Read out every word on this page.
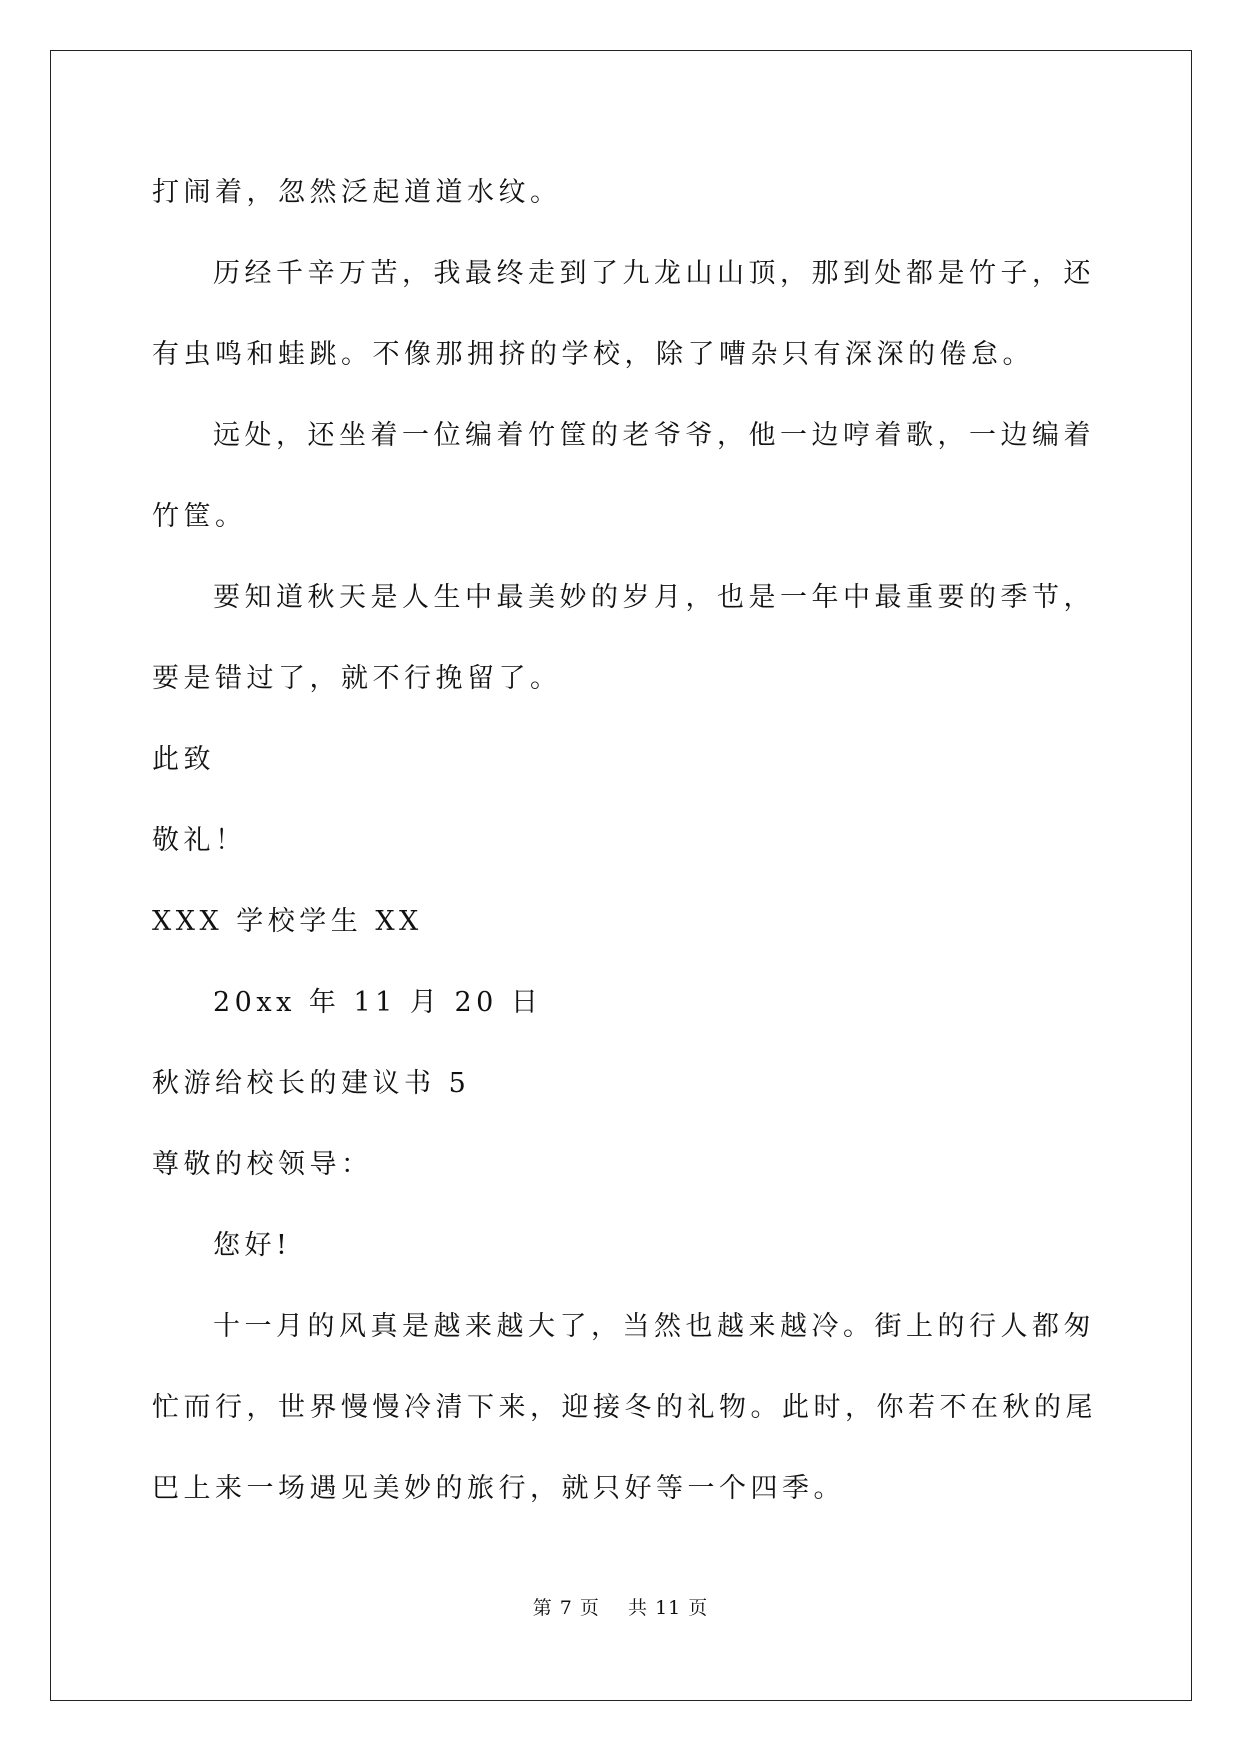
打闹着，忽然泛起道道水纹。
历经千辛万苦，我最终走到了九龙山山顶，那到处都是竹子，还
有虫鸣和蛙跳。不像那拥挤的学校，除了嘈杂只有深深的倦怠。
远处，还坐着一位编着竹筐的老爷爷，他一边哼着歌，一边编着
竹筐。
要知道秋天是人生中最美妙的岁月，也是一年中最重要的季节，
要是错过了，就不行挽留了。
此致
敬礼！
XXX 学校学生 XX
20xx 年 11 月 20 日
秋游给校长的建议书 5
尊敬的校领导：
您好!
十一月的风真是越来越大了，当然也越来越冷。街上的行人都匆
忙而行，世界慢慢冷清下来，迎接冬的礼物。此时，你若不在秋的尾
巴上来一场遇见美妙的旅行，就只好等一个四季。
第 7 页    共 11 页
